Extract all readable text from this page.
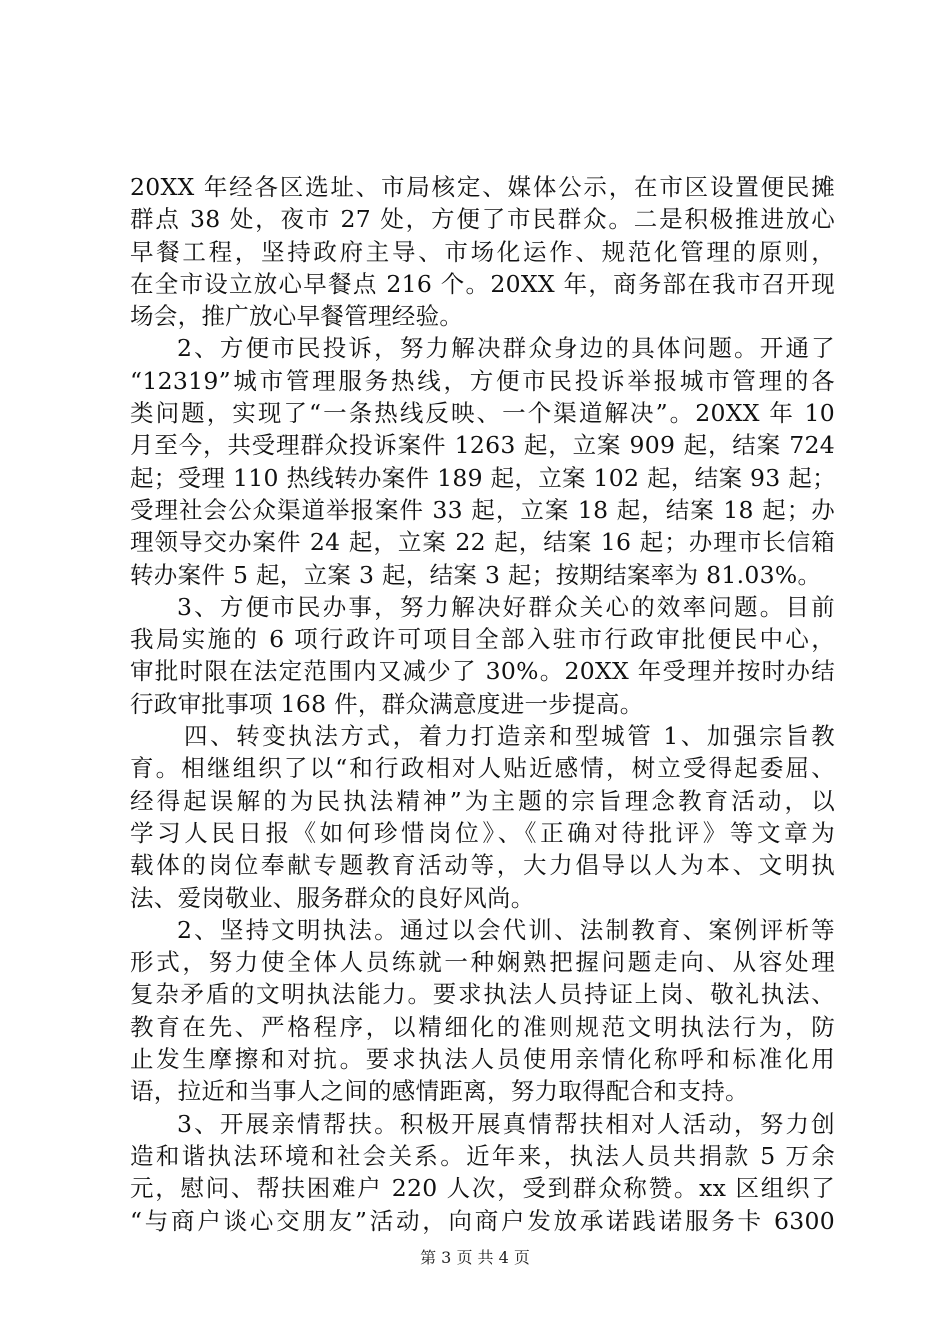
20XX 年经各区选址、市局核定、媒体公示，在市区设置便民摊
群点 38 处，夜市 27 处，方便了市民群众。二是积极推进放心
早餐工程，坚持政府主导、市场化运作、规范化管理的原则，
在全市设立放心早餐点 216 个。20XX 年，商务部在我市召开现
场会，推广放心早餐管理经验。
2、方便市民投诉，努力解决群众身边的具体问题。开通了
“12319”城市管理服务热线，方便市民投诉举报城市管理的各
类问题，实现了“一条热线反映、一个渠道解决”。20XX 年 10
月至今，共受理群众投诉案件 1263 起，立案 909 起，结案 724
起；受理 110 热线转办案件 189 起，立案 102 起，结案 93 起；
受理社会公众渠道举报案件 33 起，立案 18 起，结案 18 起；办
理领导交办案件 24 起，立案 22 起，结案 16 起；办理市长信箱
转办案件 5 起，立案 3 起，结案 3 起；按期结案率为 81.03%。
3、方便市民办事，努力解决好群众关心的效率问题。目前
我局实施的 6 项行政许可项目全部入驻市行政审批便民中心，
审批时限在法定范围内又减少了 30%。20XX 年受理并按时办结
行政审批事项 168 件，群众满意度进一步提高。
四、转变执法方式，着力打造亲和型城管 1、加强宗旨教
育。相继组织了以“和行政相对人贴近感情，树立受得起委屈、
经得起误解的为民执法精神”为主题的宗旨理念教育活动，以
学习人民日报《如何珍惜岗位》、《正确对待批评》等文章为
载体的岗位奉献专题教育活动等，大力倡导以人为本、文明执
法、爱岗敬业、服务群众的良好风尚。
2、坚持文明执法。通过以会代训、法制教育、案例评析等
形式，努力使全体人员练就一种娴熟把握问题走向、从容处理
复杂矛盾的文明执法能力。要求执法人员持证上岗、敬礼执法、
教育在先、严格程序，以精细化的准则规范文明执法行为，防
止发生摩擦和对抗。要求执法人员使用亲情化称呼和标准化用
语，拉近和当事人之间的感情距离，努力取得配合和支持。
3、开展亲情帮扶。积极开展真情帮扶相对人活动，努力创
造和谐执法环境和社会关系。近年来，执法人员共捐款 5 万余
元，慰问、帮扶困难户 220 人次，受到群众称赞。xx 区组织了
“与商户谈心交朋友”活动，向商户发放承诺践诺服务卡 6300
第 3 页 共 4 页
